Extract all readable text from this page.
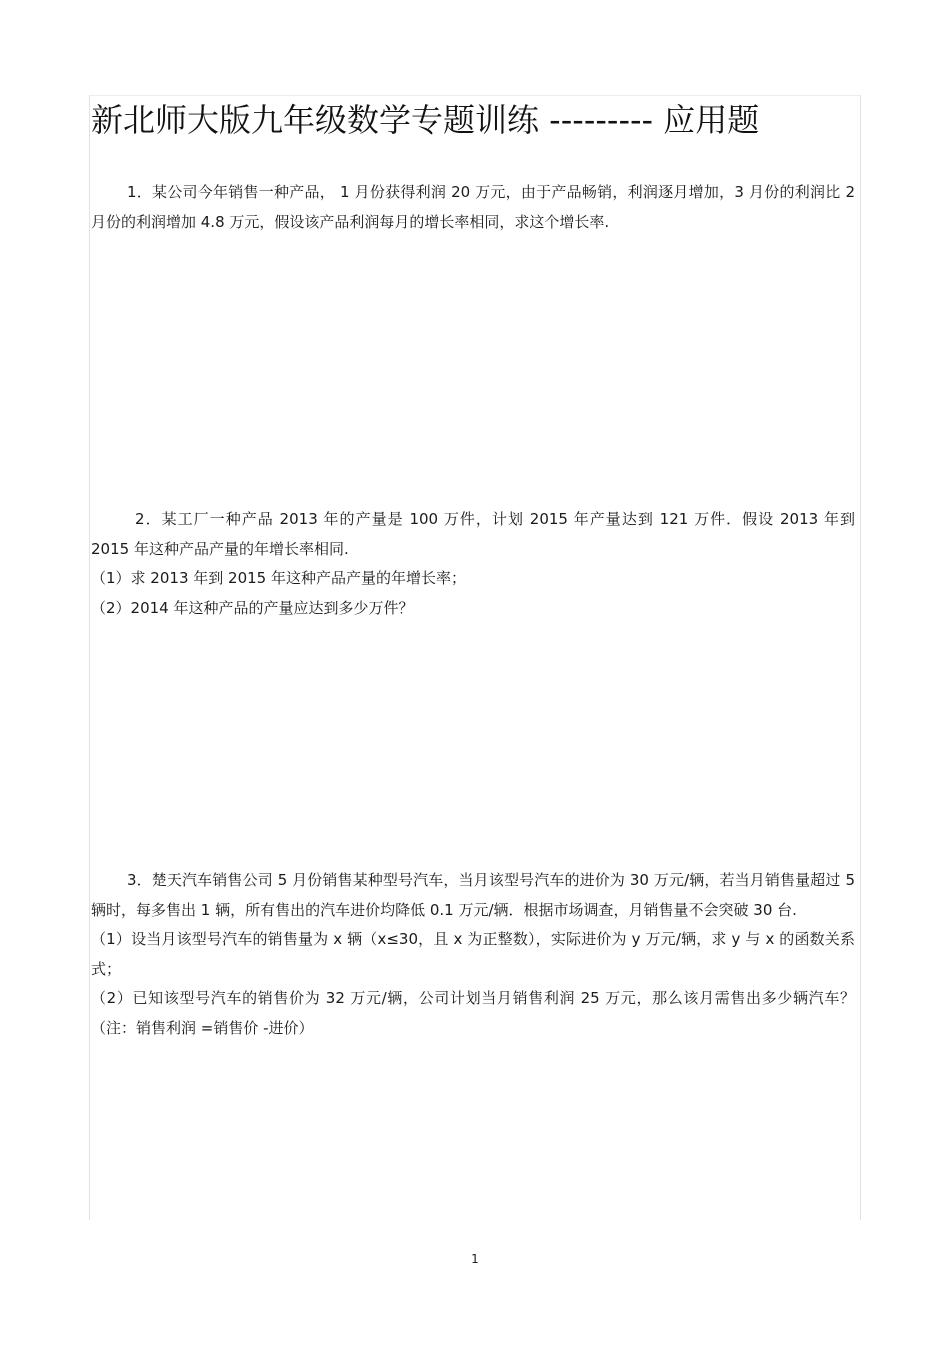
新北师大版九年级数学专题训练 --------- 应用题

1．某公司今年销售一种产品， 1 月份获得利润 20 万元，由于产品畅销，利润逐月增加，3 月份的利润比 2 月份的利润增加 4.8 万元，假设该产品利润每月的增长率相同，求这个增长率.

2．某工厂一种产品 2013 年的产量是 100 万件，计划 2015 年产量达到 121 万件．假设 2013 年到 2015 年这种产品产量的年增长率相同.

（1）求 2013 年到 2015 年这种产品产量的年增长率；

（2）2014 年这种产品的产量应达到多少万件？

3．楚天汽车销售公司 5 月份销售某种型号汽车，当月该型号汽车的进价为 30 万元/辆，若当月销售量超过 5 辆时，每多售出 1 辆，所有售出的汽车进价均降低 0.1 万元/辆．根据市场调查，月销售量不会突破 30 台.

（1）设当月该型号汽车的销售量为 x 辆（x≤30，且 x 为正整数），实际进价为 y 万元/辆，求 y 与 x 的函数关系式；

（2）已知该型号汽车的销售价为 32 万元/辆，公司计划当月销售利润 25 万元，那么该月需售出多少辆汽车？（注：销售利润 =销售价 -进价）

1
